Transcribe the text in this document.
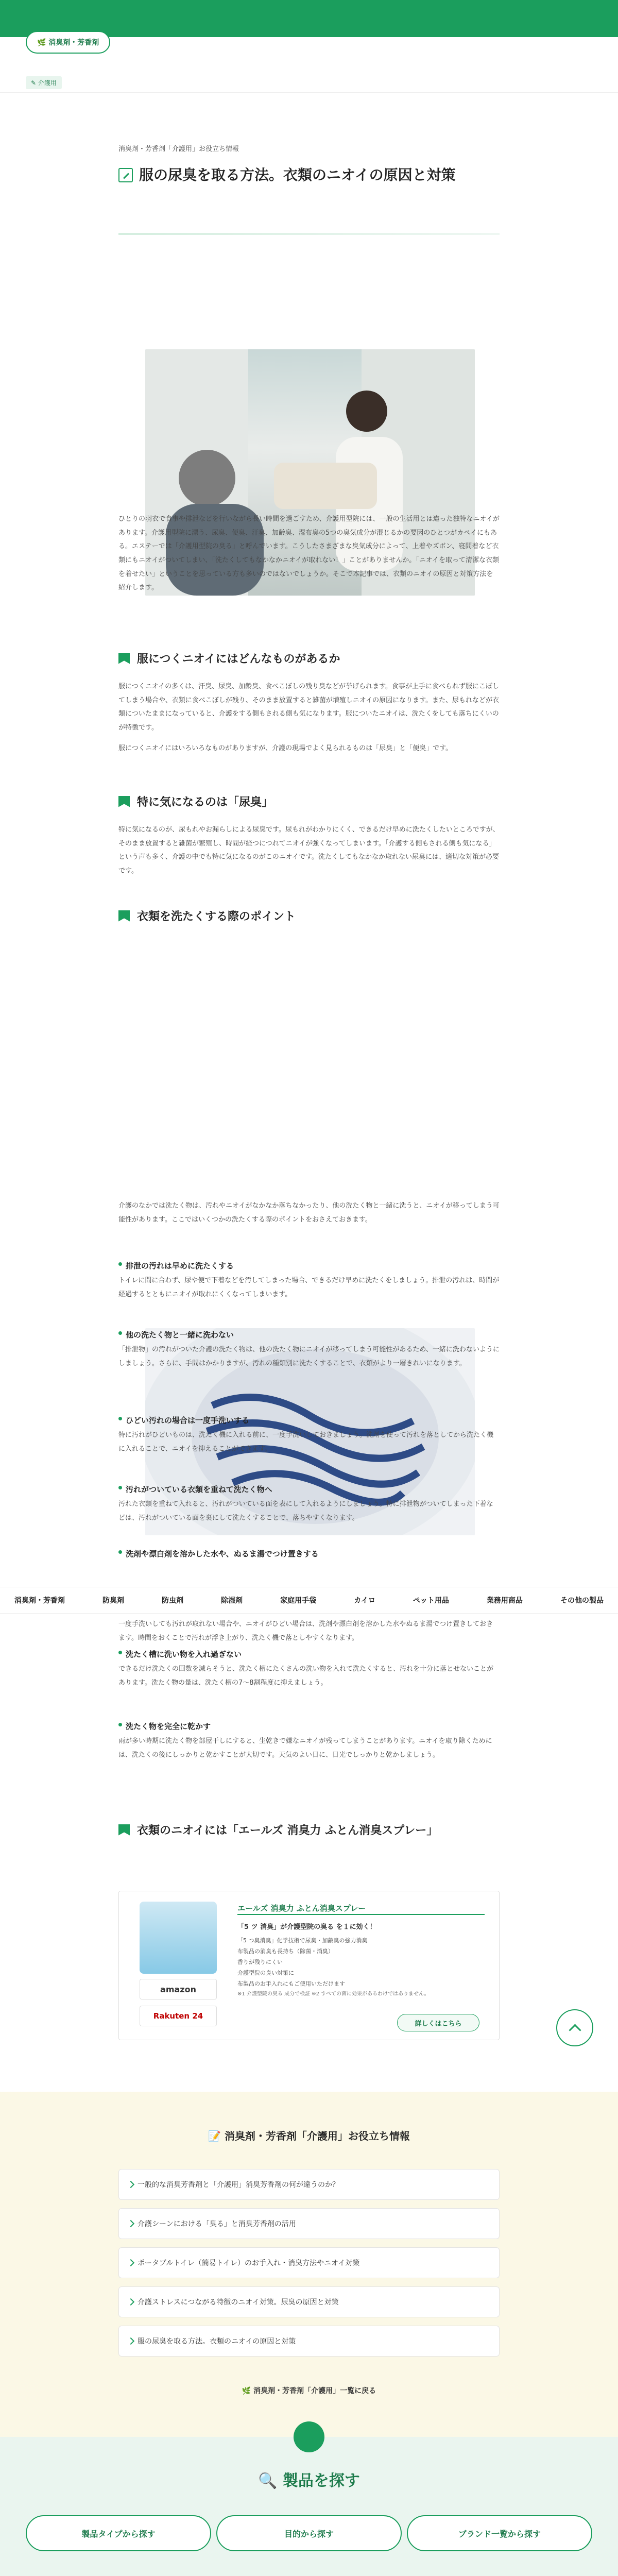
🌿 消臭剤・芳香剤
✎ 介護用
消臭剤・芳香剤「介護用」お役立ち情報
服の尿臭を取る方法。衣類のニオイの原因と対策
ひとりの羽衣で食事や排泄などを行いながら長い時間を過ごすため、介護用型院には、一般の生活用とは違った独特なニオイがあります。介護用型院に漂う、尿臭、便臭、汗臭、加齢臭、湿布臭の5つの臭気成分が混じるかの要因のひとつがカペイにもある。エステーでは「介護用型院の臭る」と呼んでいます。こうしたさまざまな臭気成分によって、上着やズボン、寝間着など衣類にもニオイがついてしまい、「洗たくしてもなかなかニオイが取れない！」ことがありませんか。「ニオイを取って清潔な衣類を着せたい」ということを思っている方も多いのではないでしょうか。そこで本記事では、衣類のニオイの原因と対策方法を紹介します。
服につくニオイにはどんなものがあるか
服につくニオイの多くは、汗臭、尿臭、加齢臭、食べこぼしの残り臭などが挙げられます。食事が上手に食べられず服にこぼしてしまう場合や、衣類に食べこぼしが残り、そのまま放置すると雑菌が増殖しニオイの原因になります。また、尿もれなどが衣類についたままになっていると、介護をする側もされる側も気になります。服についたニオイは、洗たくをしても落ちにくいのが特徴です。
服につくニオイにはいろいろなものがありますが、介護の現場でよく見られるものは「尿臭」と「便臭」です。
特に気になるのは「尿臭」
特に気になるのが、尿もれやお漏らしによる尿臭です。尿もれがわかりにくく、できるだけ早めに洗たくしたいところですが、そのまま放置すると雑菌が繁殖し、時間が経つにつれてニオイが強くなってしまいます。「介護する側もされる側も気になる」という声も多く、介護の中でも特に気になるのがこのニオイです。洗たくしてもなかなか取れない尿臭には、適切な対策が必要です。
衣類を洗たくする際のポイント
介護のなかでは洗たく物は、汚れやニオイがなかなか落ちなかったり、他の洗たく物と一緒に洗うと、ニオイが移ってしまう可能性があります。ここではいくつかの洗たくする際のポイントをおさえておきます。
排泄の汚れは早めに洗たくする
トイレに間に合わず、尿や便で下着などを汚してしまった場合、できるだけ早めに洗たくをしましょう。排泄の汚れは、時間が経過するとともにニオイが取れにくくなってしまいます。
他の洗たく物と一緒に洗わない
「排泄物」の汚れがついた介護の洗たく物は、他の洗たく物にニオイが移ってしまう可能性があるため、一緒に洗わないようにしましょう。さらに、手間はかかりますが、汚れの種類別に洗たくすることで、衣類がより一層きれいになります。
ひどい汚れの場合は一度手洗いする
特に汚れがひどいものは、洗たく機に入れる前に、一度手洗いしておきましょう。洗剤を使って汚れを落としてから洗たく機に入れることで、ニオイを抑えることができます。
汚れがついている衣類を重ねて洗たく物へ
汚れた衣類を重ねて入れると、汚れがついている面を表にして入れるようにしましょう。特に排泄物がついてしまった下着などは、汚れがついている面を裏にして洗たくすることで、落ちやすくなります。
洗剤や漂白剤を溶かした水や、ぬるま湯でつけ置きする
消臭剤・芳香剤	防臭剤	防虫剤	除湿剤	家庭用手袋	カイロ	ペット用品	業務用商品	その他の製品
一度手洗いしても汚れが取れない場合や、ニオイがひどい場合は、洗剤や漂白剤を溶かした水やぬるま湯でつけ置きしておきます。時間をおくことで汚れが浮き上がり、洗たく機で落としやすくなります。
洗たく槽に洗い物を入れ過ぎない
できるだけ洗たくの回数を減らそうと、洗たく槽にたくさんの洗い物を入れて洗たくすると、汚れを十分に落とせないことがあります。洗たく物の量は、洗たく槽の7～8割程度に抑えましょう。
洗たく物を完全に乾かす
雨が多い時期に洗たく物を部屋干しにすると、生乾きで嫌なニオイが残ってしまうことがあります。ニオイを取り除くためには、洗たくの後にしっかりと乾かすことが大切です。天気のよい日に、日光でしっかりと乾かしましょう。
衣類のニオイには「エールズ 消臭力 ふとん消臭スプレー」
amazon
Rakuten 24
エールズ 消臭力 ふとん消臭スプレー
「5 ツ 消臭」が介護型院の臭る を１に効く！
「5 つ臭消臭」化学技術で尿臭・加齢臭の強力消臭
布製品の消臭も長持ち（除菌・消臭）
香りが残りにくい
介護型院の臭い対策に
布製品のお手入れにもご使用いただけます
※1 介護型院の臭る 成分で検証 ※2 すべての菌に効果があるわけではありません。
詳しくはこちら
📝 消臭剤・芳香剤「介護用」お役立ち情報
一般的な消臭芳香剤と「介護用」消臭芳香剤の何が違うのか？
介護シーンにおける「臭る」と消臭芳香剤の活用
ポータブルトイレ（簡易トイレ）のお手入れ・消臭方法やニオイ対策
介護ストレスにつながる特徴のニオイ対策。尿臭の原因と対策
服の尿臭を取る方法。衣類のニオイの原因と対策
🌿 消臭剤・芳香剤「介護用」一覧に戻る
🔍 製品を探す
製品タイプから探す	目的から探す	ブランド一覧から探す
